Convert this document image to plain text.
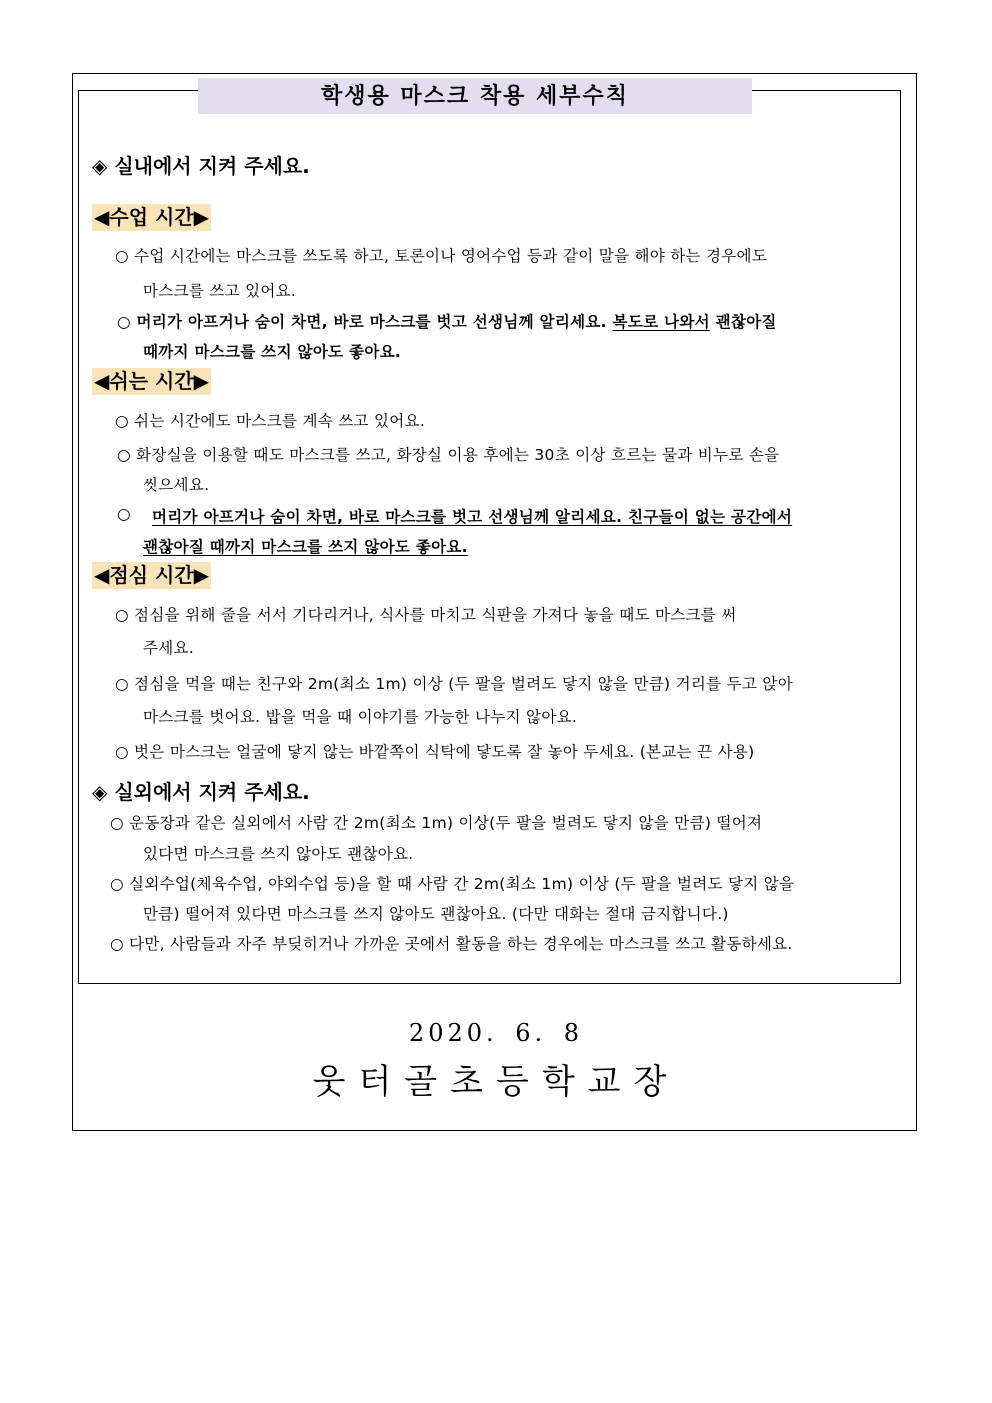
학생용 마스크 착용 세부수칙
◈ 실내에서 지켜 주세요.
◀수업 시간▶
○ 수업 시간에는 마스크를 쓰도록 하고, 토론이나 영어수업 등과 같이 말을 해야 하는 경우에도
마스크를 쓰고 있어요.
○ 머리가 아프거나 숨이 차면, 바로 마스크를 벗고 선생님께 알리세요. 복도로 나와서 괜찮아질
때까지 마스크를 쓰지 않아도 좋아요.
◀쉬는 시간▶
○ 쉬는 시간에도 마스크를 계속 쓰고 있어요.
○ 화장실을 이용할 때도 마스크를 쓰고, 화장실 이용 후에는 30초 이상 흐르는 물과 비누로 손을
씻으세요.
○ 머리가 아프거나 숨이 차면, 바로 마스크를 벗고 선생님께 알리세요. 친구들이 없는 공간에서
괜찮아질 때까지 마스크를 쓰지 않아도 좋아요.
◀점심 시간▶
○ 점심을 위해 줄을 서서 기다리거나, 식사를 마치고 식판을 가져다 놓을 때도 마스크를 써
주세요.
○ 점심을 먹을 때는 친구와 2m(최소 1m) 이상 (두 팔을 벌려도 닿지 않을 만큼) 거리를 두고 앉아
마스크를 벗어요. 밥을 먹을 때 이야기를 가능한 나누지 않아요.
○ 벗은 마스크는 얼굴에 닿지 않는 바깥쪽이 식탁에 닿도록 잘 놓아 두세요. (본교는 끈 사용)
◈ 실외에서 지켜 주세요.
○ 운동장과 같은 실외에서 사람 간 2m(최소 1m) 이상(두 팔을 벌려도 닿지 않을 만큼) 떨어져
있다면 마스크를 쓰지 않아도 괜찮아요.
○ 실외수업(체육수업, 야외수업 등)을 할 때 사람 간 2m(최소 1m) 이상 (두 팔을 벌려도 닿지 않을
만큼) 떨어져 있다면 마스크를 쓰지 않아도 괜찮아요. (다만 대화는 절대 금지합니다.)
○ 다만, 사람들과 자주 부딪히거나 가까운 곳에서 활동을 하는 경우에는 마스크를 쓰고 활동하세요.
2020. 6. 8
웃터골초등학교장
